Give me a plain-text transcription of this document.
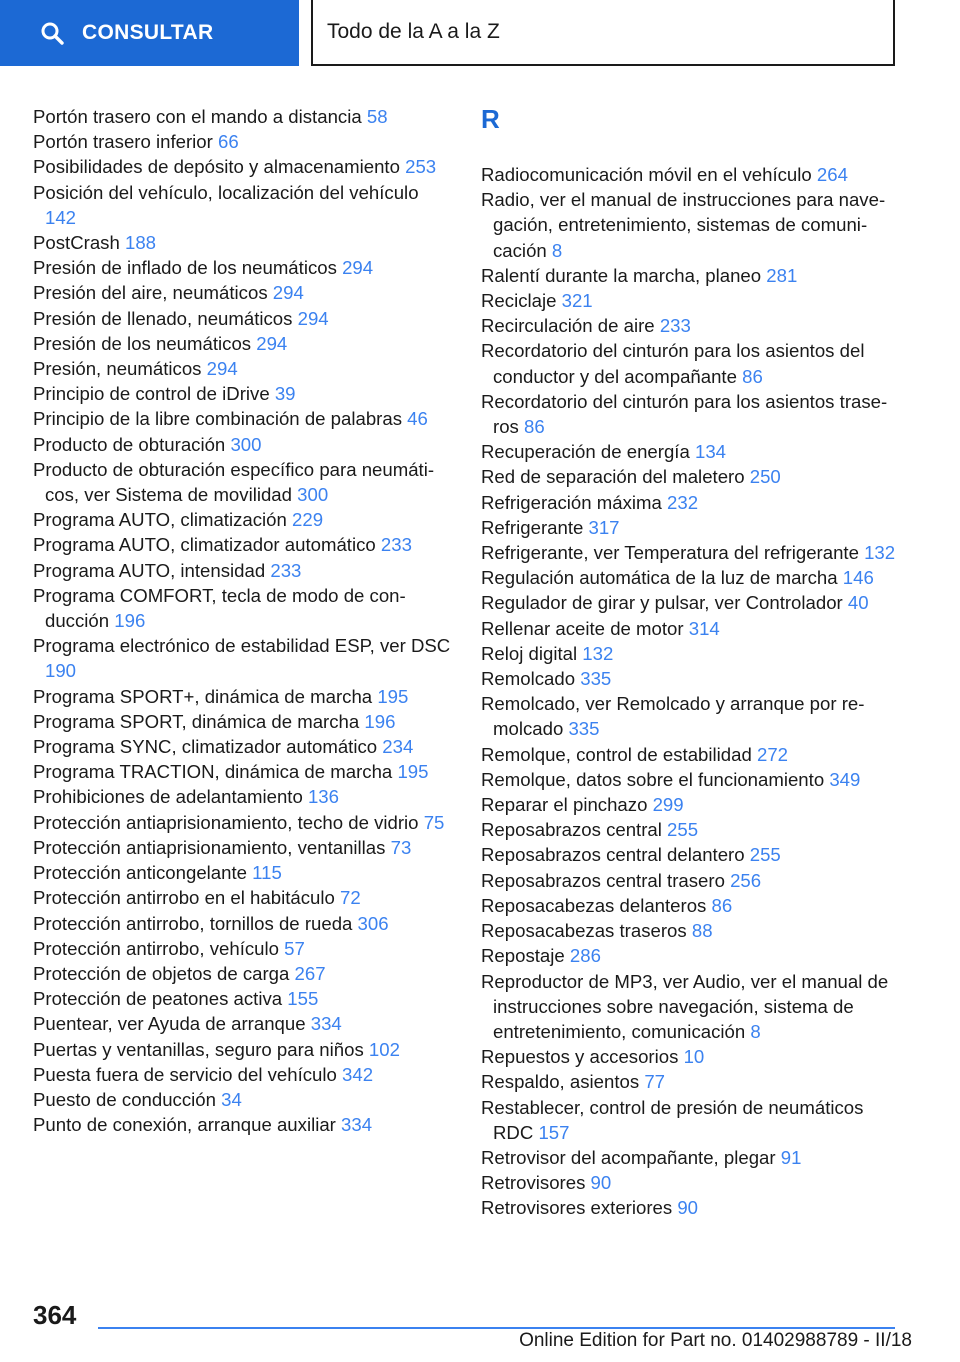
CONSULTAR	Todo de la A a la Z
Portón trasero con el mando a distancia 58
Portón trasero inferior 66
Posibilidades de depósito y almacenamiento 253
Posición del vehículo, localización del vehículo 142
PostCrash 188
Presión de inflado de los neumáticos 294
Presión del aire, neumáticos 294
Presión de llenado, neumáticos 294
Presión de los neumáticos 294
Presión, neumáticos 294
Principio de control de iDrive 39
Principio de la libre combinación de palabras 46
Producto de obturación 300
Producto de obturación específico para neumáticos, ver Sistema de movilidad 300
Programa AUTO, climatización 229
Programa AUTO, climatizador automático 233
Programa AUTO, intensidad 233
Programa COMFORT, tecla de modo de conducción 196
Programa electrónico de estabilidad ESP, ver DSC 190
Programa SPORT+, dinámica de marcha 195
Programa SPORT, dinámica de marcha 196
Programa SYNC, climatizador automático 234
Programa TRACTION, dinámica de marcha 195
Prohibiciones de adelantamiento 136
Protección antiaprisionamiento, techo de vidrio 75
Protección antiaprisionamiento, ventanillas 73
Protección anticongelante 115
Protección antirrobo en el habitáculo 72
Protección antirrobo, tornillos de rueda 306
Protección antirrobo, vehículo 57
Protección de objetos de carga 267
Protección de peatones activa 155
Puentear, ver Ayuda de arranque 334
Puertas y ventanillas, seguro para niños 102
Puesta fuera de servicio del vehículo 342
Puesto de conducción 34
Punto de conexión, arranque auxiliar 334
R
Radiocomunicación móvil en el vehículo 264
Radio, ver el manual de instrucciones para navegación, entretenimiento, sistemas de comunicación 8
Ralentí durante la marcha, planeo 281
Reciclaje 321
Recirculación de aire 233
Recordatorio del cinturón para los asientos del conductor y del acompañante 86
Recordatorio del cinturón para los asientos traseros 86
Recuperación de energía 134
Red de separación del maletero 250
Refrigeración máxima 232
Refrigerante 317
Refrigerante, ver Temperatura del refrigerante 132
Regulación automática de la luz de marcha 146
Regulador de girar y pulsar, ver Controlador 40
Rellenar aceite de motor 314
Reloj digital 132
Remolcado 335
Remolcado, ver Remolcado y arranque por remolcado 335
Remolque, control de estabilidad 272
Remolque, datos sobre el funcionamiento 349
Reparar el pinchazo 299
Reposabrazos central 255
Reposabrazos central delantero 255
Reposabrazos central trasero 256
Reposacabezas delanteros 86
Reposacabezas traseros 88
Repostaje 286
Reproductor de MP3, ver Audio, ver el manual de instrucciones sobre navegación, sistema de entretenimiento, comunicación 8
Repuestos y accesorios 10
Respaldo, asientos 77
Restablecer, control de presión de neumáticos RDC 157
Retrovisor del acompañante, plegar 91
Retrovisores 90
Retrovisores exteriores 90
364
Online Edition for Part no. 01402988789 - II/18
